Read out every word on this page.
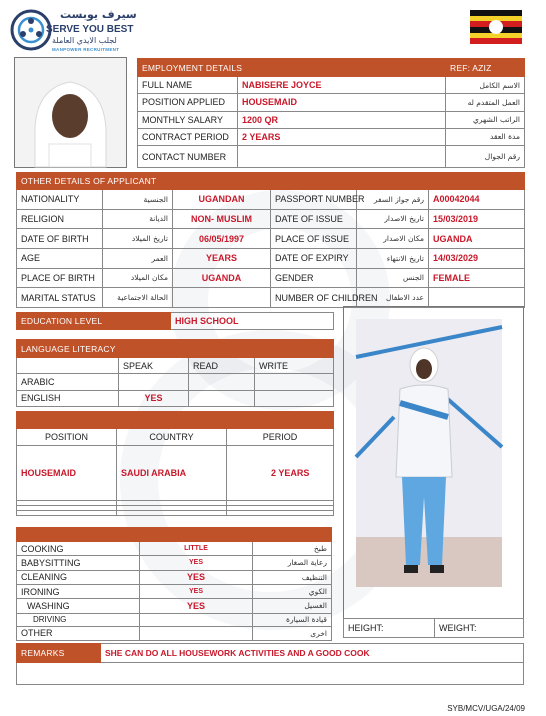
سيرف يوبست
SERVE YOU BEST
لجلب الايدي العاملة
MANPOWER RECRUITMENT
EMPLOYMENT DETAILS		REF: AZIZ
FULL NAME	NABISERE JOYCE	الاسم الكامل
POSITION APPLIED	HOUSEMAID	العمل المتقدم له
MONTHLY SALARY	1200 QR	الراتب الشهري
CONTRACT PERIOD	2 YEARS	مدة العقد
CONTACT NUMBER		رقم الجوال
OTHER DETAILS OF APPLICANT					
NATIONALITY	الجنسية	UGANDAN	PASSPORT NUMBER	رقم جواز السفر	A00042044
RELIGION	الديانة	NON- MUSLIM	DATE OF ISSUE	تاريخ الاصدار	15/03/2019
DATE OF BIRTH	تاريخ الميلاد	06/05/1997	PLACE OF ISSUE	مكان الاصدار	UGANDA
AGE	العمر	YEARS	DATE OF EXPIRY	تاريخ الانتهاء	14/03/2029
PLACE OF BIRTH	مكان الميلاد	UGANDA	GENDER	الجنس	FEMALE
MARITAL STATUS	الحالة الاجتماعية		NUMBER OF CHILDREN	عدد الاطفال	
EDUCATION LEVEL	HIGH SCHOOL
LANGUAGE LITERACY			
	SPEAK	READ	WRITE
ARABIC			
ENGLISH	YES		

POSITION	COUNTRY	PERIOD
HOUSEMAID	SAUDI ARABIA	2 YEARS

COOKING	LITTLE	طبخ
BABYSITTING	YES	رعاية الصغار
CLEANING	YES	التنظيف
IRONING	YES	الكوي
WASHING	YES	الغسيل
DRIVING		قيادة السيارة
OTHER		اخرى
HEIGHT:	WEIGHT:
REMARKS	SHE CAN DO ALL HOUSEWORK ACTIVITIES AND A GOOD COOK

SYB/MCV/UGA/24/09
